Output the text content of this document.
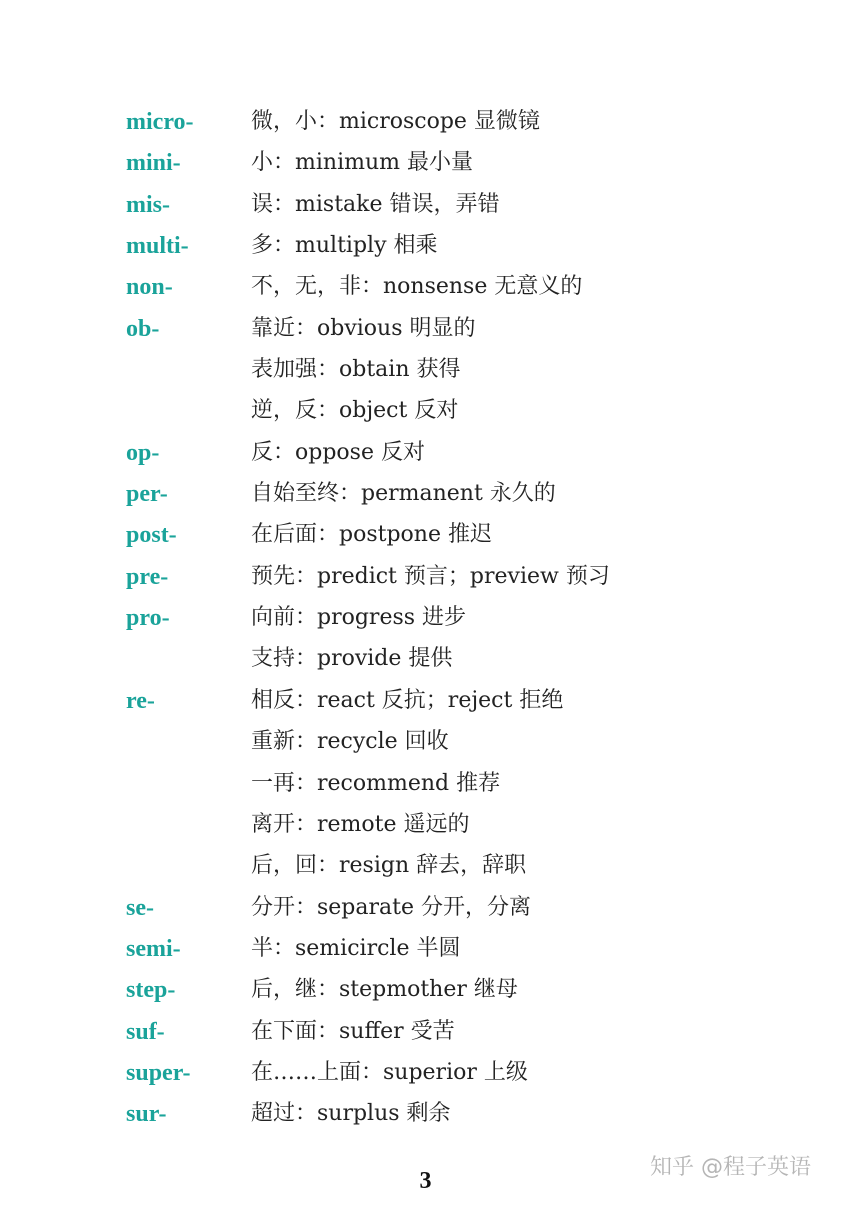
micro-	微，小：microscope 显微镜
mini-	小：minimum 最小量
mis-	误：mistake 错误，弄错
multi-	多：multiply 相乘
non-	不，无，非：nonsense 无意义的
ob-	靠近：obvious 明显的
表加强：obtain 获得
逆，反：object 反对
op-	反：oppose 反对
per-	自始至终：permanent 永久的
post-	在后面：postpone 推迟
pre-	预先：predict 预言；preview 预习
pro-	向前：progress 进步
支持：provide 提供
re-	相反：react 反抗；reject 拒绝
重新：recycle 回收
一再：recommend 推荐
离开：remote 遥远的
后，回：resign 辞去，辞职
se-	分开：separate 分开，分离
semi-	半：semicircle 半圆
step-	后，继：stepmother 继母
suf-	在下面：suffer 受苦
super-	在……上面：superior 上级
sur-	超过：surplus 剩余
3
知乎 @程子英语
